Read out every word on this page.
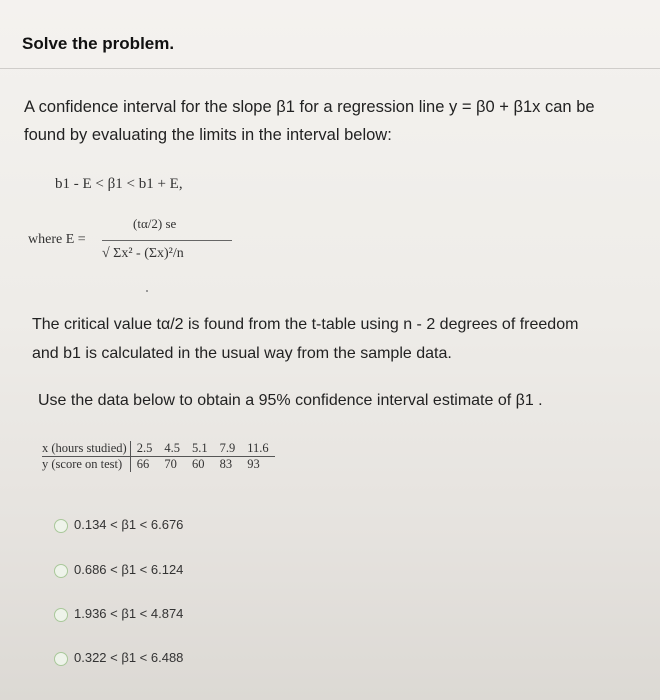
Solve the problem.
A confidence interval for the slope β1 for a regression line y = β0 + β1x can be
found by evaluating the limits in the interval below:
b1 - E < β1 < b1 + E,
where E =
(tα/2) se
√ Σx² - (Σx)²/n
The critical value tα/2 is found from the t-table using n - 2 degrees of freedom
and b1 is calculated in the usual way from the sample data.
Use the data below to obtain a 95% confidence interval estimate of β1 .
x (hours studied)	2.5	4.5	5.1	7.9	11.6
y (score on test)	66	70	60	83	93
0.134 < β1 < 6.676
0.686 < β1 < 6.124
1.936 < β1 < 4.874
0.322 < β1 < 6.488
